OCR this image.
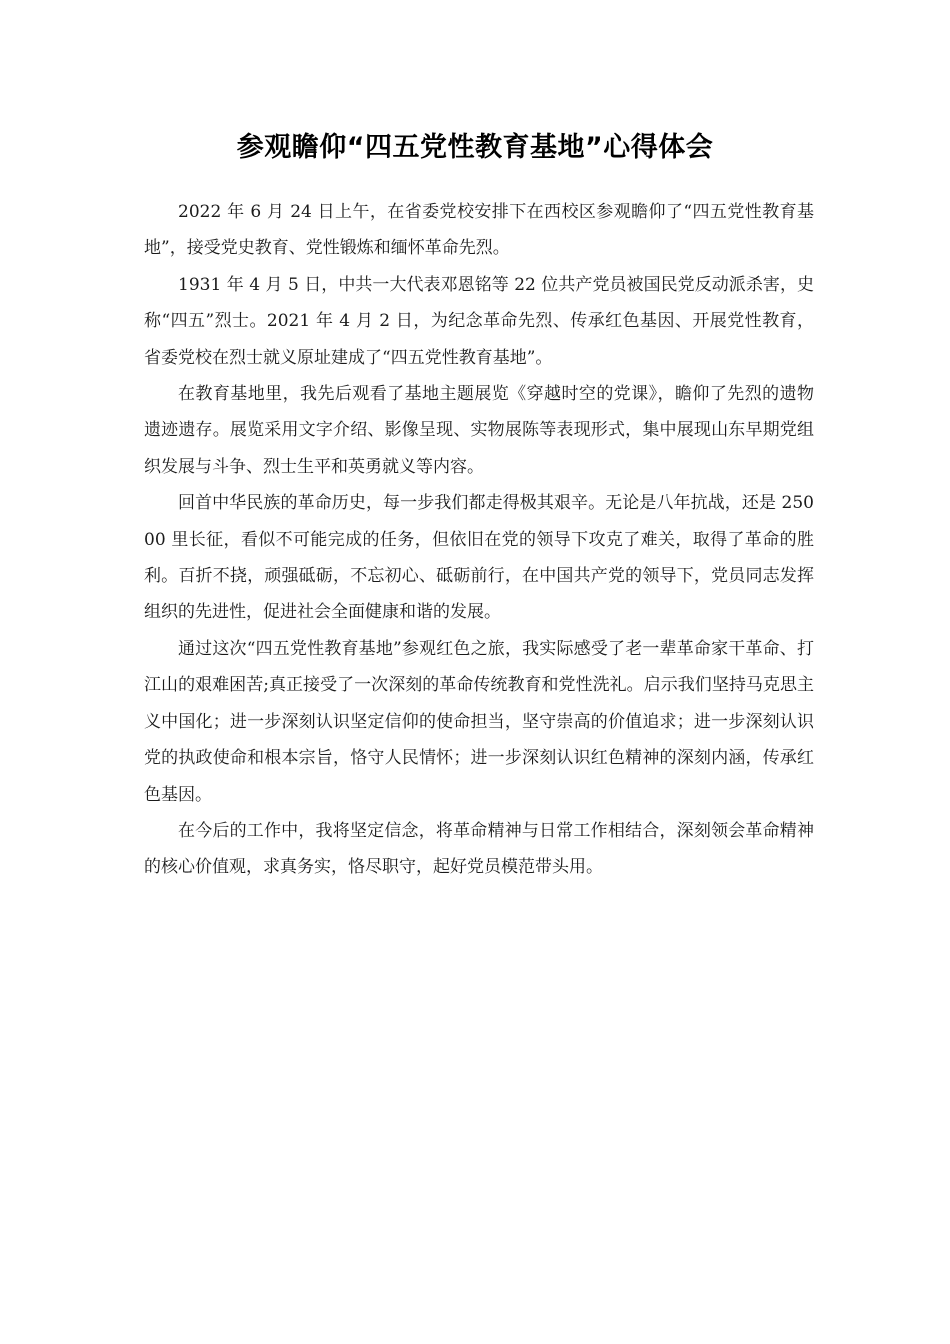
参观瞻仰“四五党性教育基地”心得体会

2022 年 6 月 24 日上午，在省委党校安排下在西校区参观瞻仰了“四五党性教育基地”，接受党史教育、党性锻炼和缅怀革命先烈。

1931 年 4 月 5 日，中共一大代表邓恩铭等 22 位共产党员被国民党反动派杀害，史称“四五”烈士。2021 年 4 月 2 日，为纪念革命先烈、传承红色基因、开展党性教育，省委党校在烈士就义原址建成了“四五党性教育基地”。

在教育基地里，我先后观看了基地主题展览《穿越时空的党课》，瞻仰了先烈的遗物遗迹遗存。展览采用文字介绍、影像呈现、实物展陈等表现形式，集中展现山东早期党组织发展与斗争、烈士生平和英勇就义等内容。

回首中华民族的革命历史，每一步我们都走得极其艰辛。无论是八年抗战，还是 25000 里长征，看似不可能完成的任务，但依旧在党的领导下攻克了难关，取得了革命的胜利。百折不挠，顽强砥砺，不忘初心、砥砺前行，在中国共产党的领导下，党员同志发挥组织的先进性，促进社会全面健康和谐的发展。

通过这次“四五党性教育基地”参观红色之旅，我实际感受了老一辈革命家干革命、打江山的艰难困苦;真正接受了一次深刻的革命传统教育和党性洗礼。启示我们坚持马克思主义中国化；进一步深刻认识坚定信仰的使命担当，坚守崇高的价值追求；进一步深刻认识党的执政使命和根本宗旨，恪守人民情怀；进一步深刻认识红色精神的深刻内涵，传承红色基因。

在今后的工作中，我将坚定信念，将革命精神与日常工作相结合，深刻领会革命精神的核心价值观，求真务实，恪尽职守，起好党员模范带头用。
